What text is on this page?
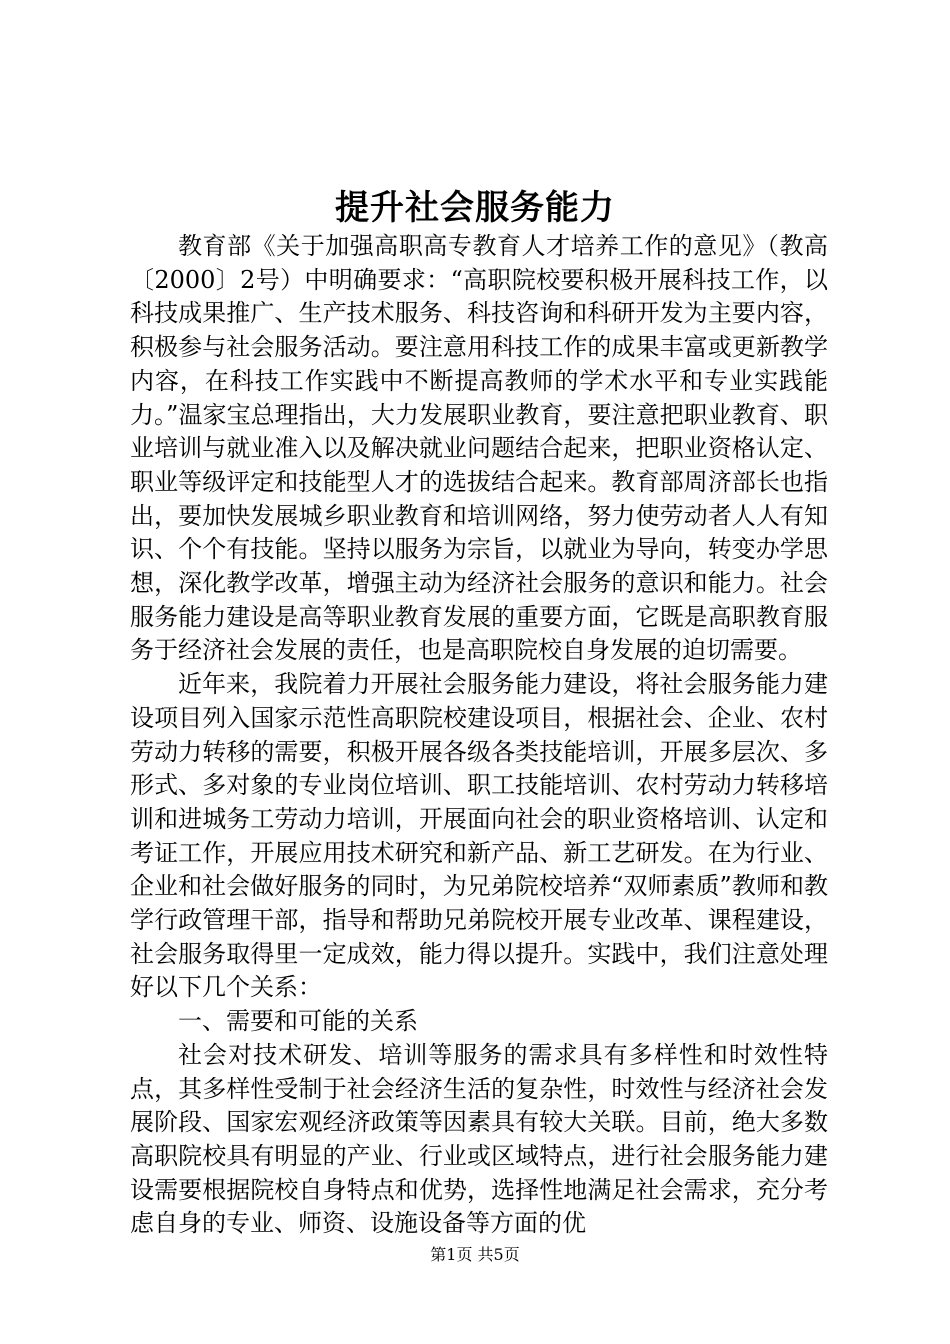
提升社会服务能力

教育部《关于加强高职高专教育人才培养工作的意见》（教高〔2000〕2号）中明确要求：“高职院校要积极开展科技工作，以科技成果推广、生产技术服务、科技咨询和科研开发为主要内容，积极参与社会服务活动。要注意用科技工作的成果丰富或更新教学内容，在科技工作实践中不断提高教师的学术水平和专业实践能力。”温家宝总理指出，大力发展职业教育，要注意把职业教育、职业培训与就业准入以及解决就业问题结合起来，把职业资格认定、职业等级评定和技能型人才的选拔结合起来。教育部周济部长也指出，要加快发展城乡职业教育和培训网络，努力使劳动者人人有知识、个个有技能。坚持以服务为宗旨，以就业为导向，转变办学思想，深化教学改革，增强主动为经济社会服务的意识和能力。社会服务能力建设是高等职业教育发展的重要方面，它既是高职教育服务于经济社会发展的责任，也是高职院校自身发展的迫切需要。

近年来，我院着力开展社会服务能力建设，将社会服务能力建设项目列入国家示范性高职院校建设项目，根据社会、企业、农村劳动力转移的需要，积极开展各级各类技能培训，开展多层次、多形式、多对象的专业岗位培训、职工技能培训、农村劳动力转移培训和进城务工劳动力培训，开展面向社会的职业资格培训、认定和考证工作，开展应用技术研究和新产品、新工艺研发。在为行业、企业和社会做好服务的同时，为兄弟院校培养“双师素质”教师和教学行政管理干部，指导和帮助兄弟院校开展专业改革、课程建设，社会服务取得里一定成效，能力得以提升。实践中，我们注意处理好以下几个关系：

一、需要和可能的关系

社会对技术研发、培训等服务的需求具有多样性和时效性特点，其多样性受制于社会经济生活的复杂性，时效性与经济社会发展阶段、国家宏观经济政策等因素具有较大关联。目前，绝大多数高职院校具有明显的产业、行业或区域特点，进行社会服务能力建设需要根据院校自身特点和优势，选择性地满足社会需求，充分考虑自身的专业、师资、设施设备等方面的优

第1页 共5页
